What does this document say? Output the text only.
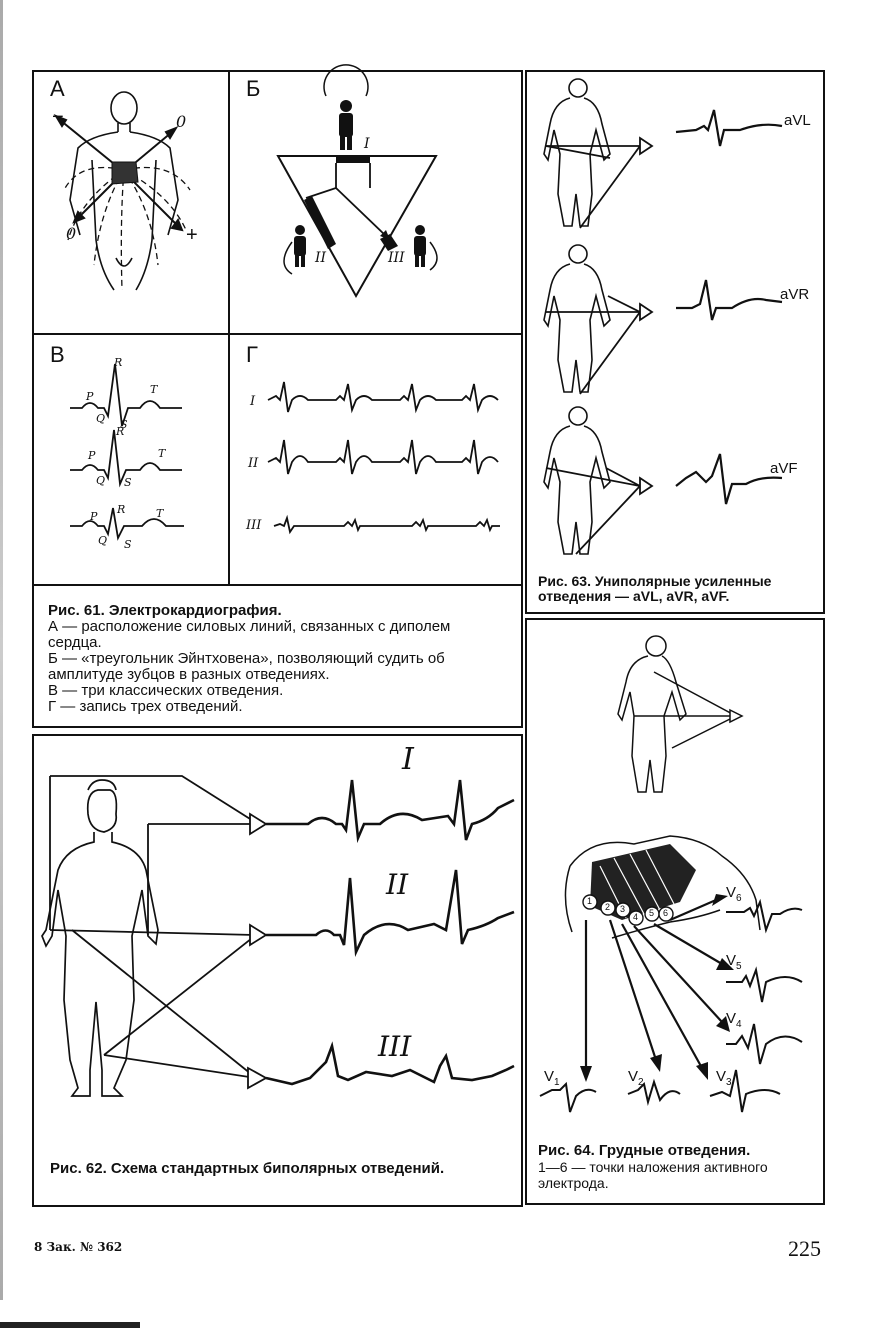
А	Б
В	Г
−	0
0	+
I
II	III
R
P
T
Q S
R
P	T
Q S
R
P	T
Q S
I
II
III
Рис. 61. Электрокардиография.
А — расположение силовых линий, связанных с диполем сердца.
Б — «треугольник Эйнтховена», позволяющий судить об амплитуде зубцов в разных отведениях.
В — три классических отведения.
Г — запись трех отведений.
I
II
III
Рис. 62. Схема стандартных биполярных отведений.
aVL
aVR
aVF
Рис. 63. Униполярные усиленные отведения — aVL, aVR, aVF.
1
2 3
4 5 6
$V_6$
$V_5$
$V_4$
$V_1$	$V_2$	$V_3$
Рис. 64. Грудные отведения.
1—6 — точки наложения активного электрода.
8 Зак. № 362	225
